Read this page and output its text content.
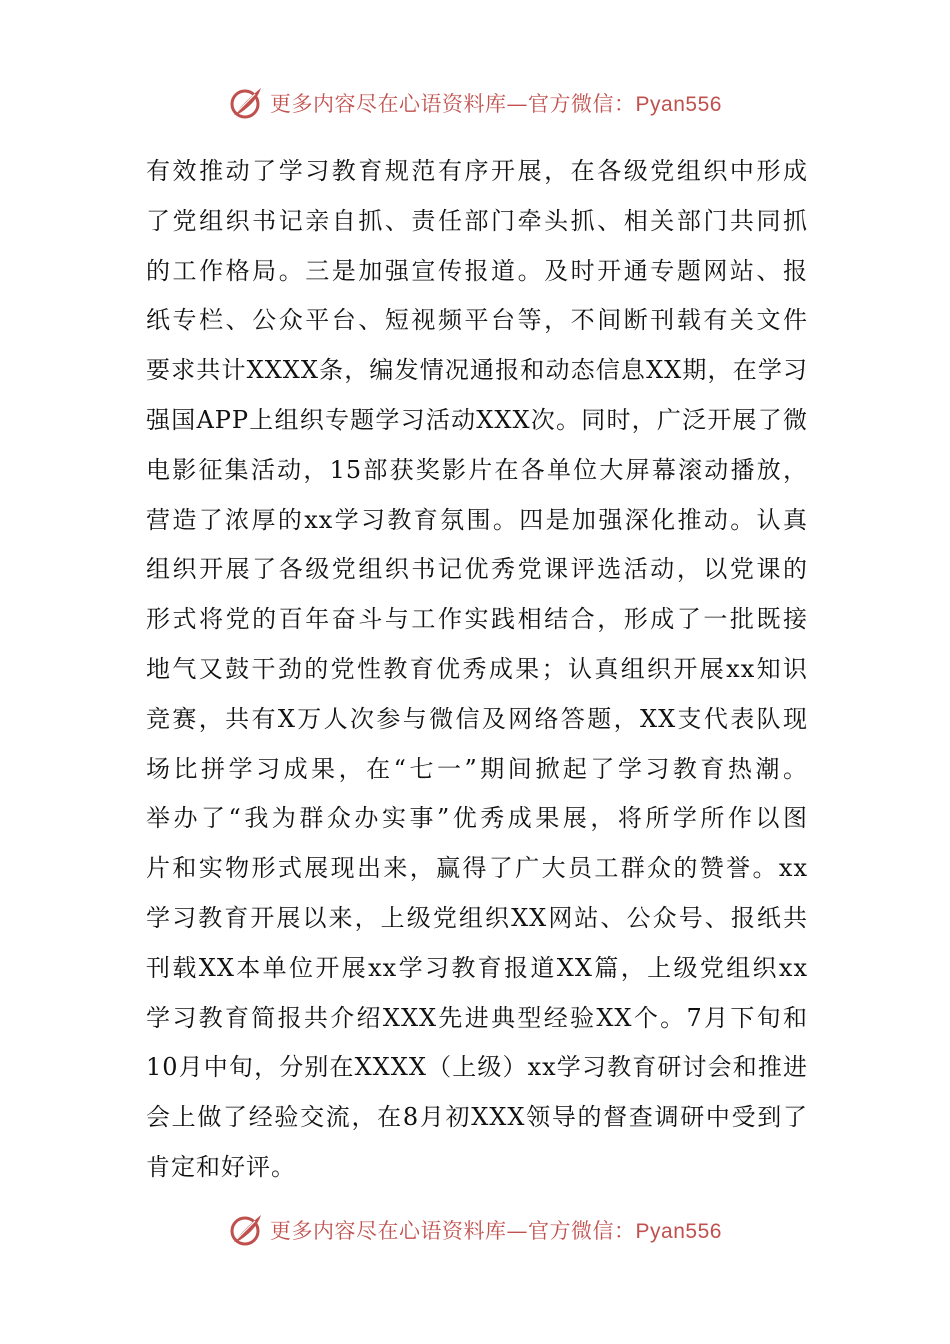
更多内容尽在心语资料库—官方微信：Pyan556
有效推动了学习教育规范有序开展，在各级党组织中形成
了党组织书记亲自抓、责任部门牵头抓、相关部门共同抓
的工作格局。三是加强宣传报道。及时开通专题网站、报
纸专栏、公众平台、短视频平台等，不间断刊载有关文件
要求共计XXXX条，编发情况通报和动态信息XX期，在学习
强国APP上组织专题学习活动XXX次。同时，广泛开展了微
电影征集活动，15部获奖影片在各单位大屏幕滚动播放，
营造了浓厚的xx学习教育氛围。四是加强深化推动。认真
组织开展了各级党组织书记优秀党课评选活动，以党课的
形式将党的百年奋斗与工作实践相结合，形成了一批既接
地气又鼓干劲的党性教育优秀成果；认真组织开展xx知识
竞赛，共有X万人次参与微信及网络答题，XX支代表队现
场比拼学习成果，在“七一”期间掀起了学习教育热潮。
举办了“我为群众办实事”优秀成果展，将所学所作以图
片和实物形式展现出来，赢得了广大员工群众的赞誉。xx
学习教育开展以来，上级党组织XX网站、公众号、报纸共
刊载XX本单位开展xx学习教育报道XX篇，上级党组织xx
学习教育简报共介绍XXX先进典型经验XX个。7月下旬和
10月中旬，分别在XXXX（上级）xx学习教育研讨会和推进
会上做了经验交流，在8月初XXX领导的督查调研中受到了
肯定和好评。
更多内容尽在心语资料库—官方微信：Pyan556
